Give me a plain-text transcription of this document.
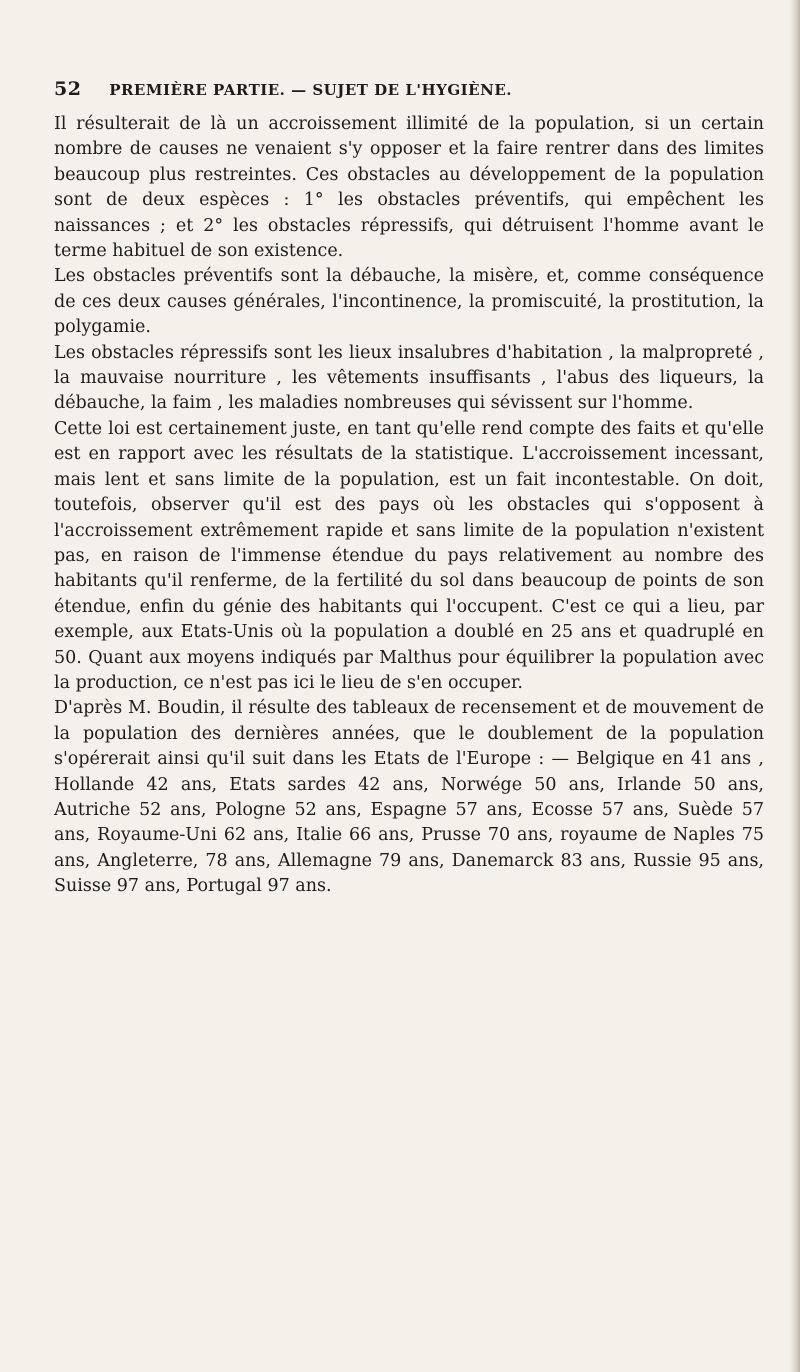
52 PREMIÈRE PARTIE. — SUJET DE L'HYGIÈNE.

Il résulterait de là un accroissement illimité de la population, si un certain nombre de causes ne venaient s'y opposer et la faire rentrer dans des limites beaucoup plus restreintes. Ces obstacles au développement de la population sont de deux espèces : 1° les obstacles préventifs, qui empêchent les naissances ; et 2° les obstacles répressifs, qui détruisent l'homme avant le terme habituel de son existence.

Les obstacles préventifs sont la débauche, la misère, et, comme conséquence de ces deux causes générales, l'incontinence, la promiscuité, la prostitution, la polygamie.

Les obstacles répressifs sont les lieux insalubres d'habitation , la malpropreté , la mauvaise nourriture , les vêtements insuffisants , l'abus des liqueurs, la débauche, la faim , les maladies nombreuses qui sévissent sur l'homme.

Cette loi est certainement juste, en tant qu'elle rend compte des faits et qu'elle est en rapport avec les résultats de la statistique. L'accroissement incessant, mais lent et sans limite de la population, est un fait incontestable. On doit, toutefois, observer qu'il est des pays où les obstacles qui s'opposent à l'accroissement extrêmement rapide et sans limite de la population n'existent pas, en raison de l'immense étendue du pays relativement au nombre des habitants qu'il renferme, de la fertilité du sol dans beaucoup de points de son étendue, enfin du génie des habitants qui l'occupent. C'est ce qui a lieu, par exemple, aux Etats-Unis où la population a doublé en 25 ans et quadruplé en 50. Quant aux moyens indiqués par Malthus pour équilibrer la population avec la production, ce n'est pas ici le lieu de s'en occuper.

D'après M. Boudin, il résulte des tableaux de recensement et de mouvement de la population des dernières années, que le doublement de la population s'opérerait ainsi qu'il suit dans les Etats de l'Europe : — Belgique en 41 ans , Hollande 42 ans, Etats sardes 42 ans, Norwége 50 ans, Irlande 50 ans, Autriche 52 ans, Pologne 52 ans, Espagne 57 ans, Ecosse 57 ans, Suède 57 ans, Royaume-Uni 62 ans, Italie 66 ans, Prusse 70 ans, royaume de Naples 75 ans, Angleterre, 78 ans, Allemagne 79 ans, Danemarck 83 ans, Russie 95 ans, Suisse 97 ans, Portugal 97 ans.
